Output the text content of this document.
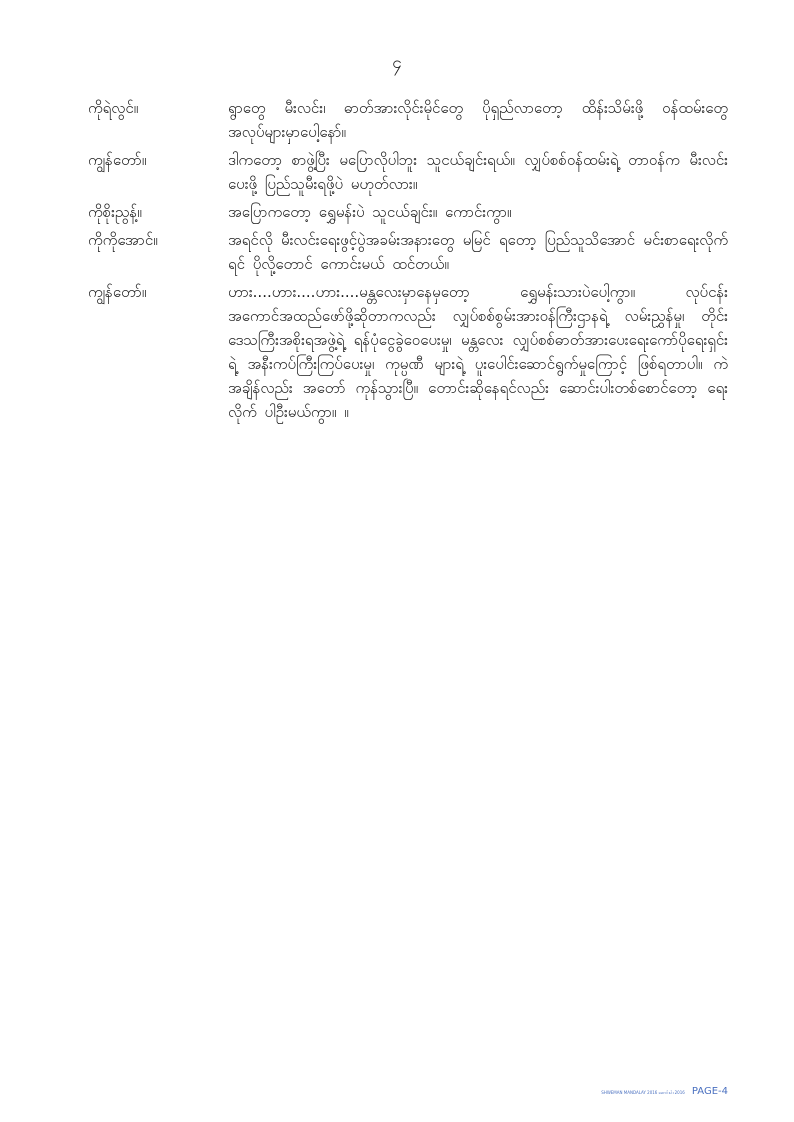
၄
ကိုရဲလွင်။	ရွာတွေ မီးလင်း၊ ဓာတ်အားလိုင်းမိုင်တွေ ပိုရှည်လာတော့ ထိန်းသိမ်းဖို့ ဝန်ထမ်းတွေ အလုပ်များမှာပေါ့နော်။
ကျွန်တော်။	ဒါကတော့ စာဖွဲ့ပြီး မပြောလိုပါဘူး သူငယ်ချင်းရယ်။ လျှပ်စစ်ဝန်ထမ်းရဲ့ တာဝန်က မီးလင်းပေးဖို့ ပြည်သူမီးရဖို့ပဲ မဟုတ်လား။
ကိုစိုးညွန့်။	အပြောကတော့ ရွှေမန်းပဲ သူငယ်ချင်း။ ကောင်းကွာ။
ကိုကိုအောင်။	အရင်လို မီးလင်းရေးဖွင့်ပွဲအခမ်းအနားတွေ မမြင် ရတော့ ပြည်သူသိအောင် မင်းစာရေးလိုက်ရင် ပိုလို့တောင် ကောင်းမယ် ထင်တယ်။
ကျွန်တော်။	ဟား....ဟား....ဟား....မန္တလေးမှာနေမှတော့ ရွှေမန်းသားပဲပေါ့ကွာ။ လုပ်ငန်း အကောင်အထည်ဖော်ဖို့ဆိုတာကလည်း လျှပ်စစ်စွမ်းအားဝန်ကြီးဌာနရဲ့ လမ်းညွှန်မှု၊ တိုင်းဒေသကြီးအစိုးရအဖွဲ့ရဲ့ ရန်ပုံငွေခွဲဝေပေးမှု၊ မန္တလေး လျှပ်စစ်ဓာတ်အားပေးရေးကော်ပိုရေးရှင်းရဲ့ အနီးကပ်ကြီးကြပ်ပေးမှု၊ ကုမ္ပဏီ များရဲ့ ပူးပေါင်းဆောင်ရွက်မှုကြောင့် ဖြစ်ရတာပါ။ ကဲ အချိန်လည်း အတော် ကုန်သွားပြီ။ တောင်းဆိုနေရင်လည်း ဆောင်းပါးတစ်စောင်တော့ ရေးလိုက် ပါဦးမယ်ကွာ။ ။
SHWEMAN MANDALAY 2016 ဆောင်းပါး 2016 PAGE-4
